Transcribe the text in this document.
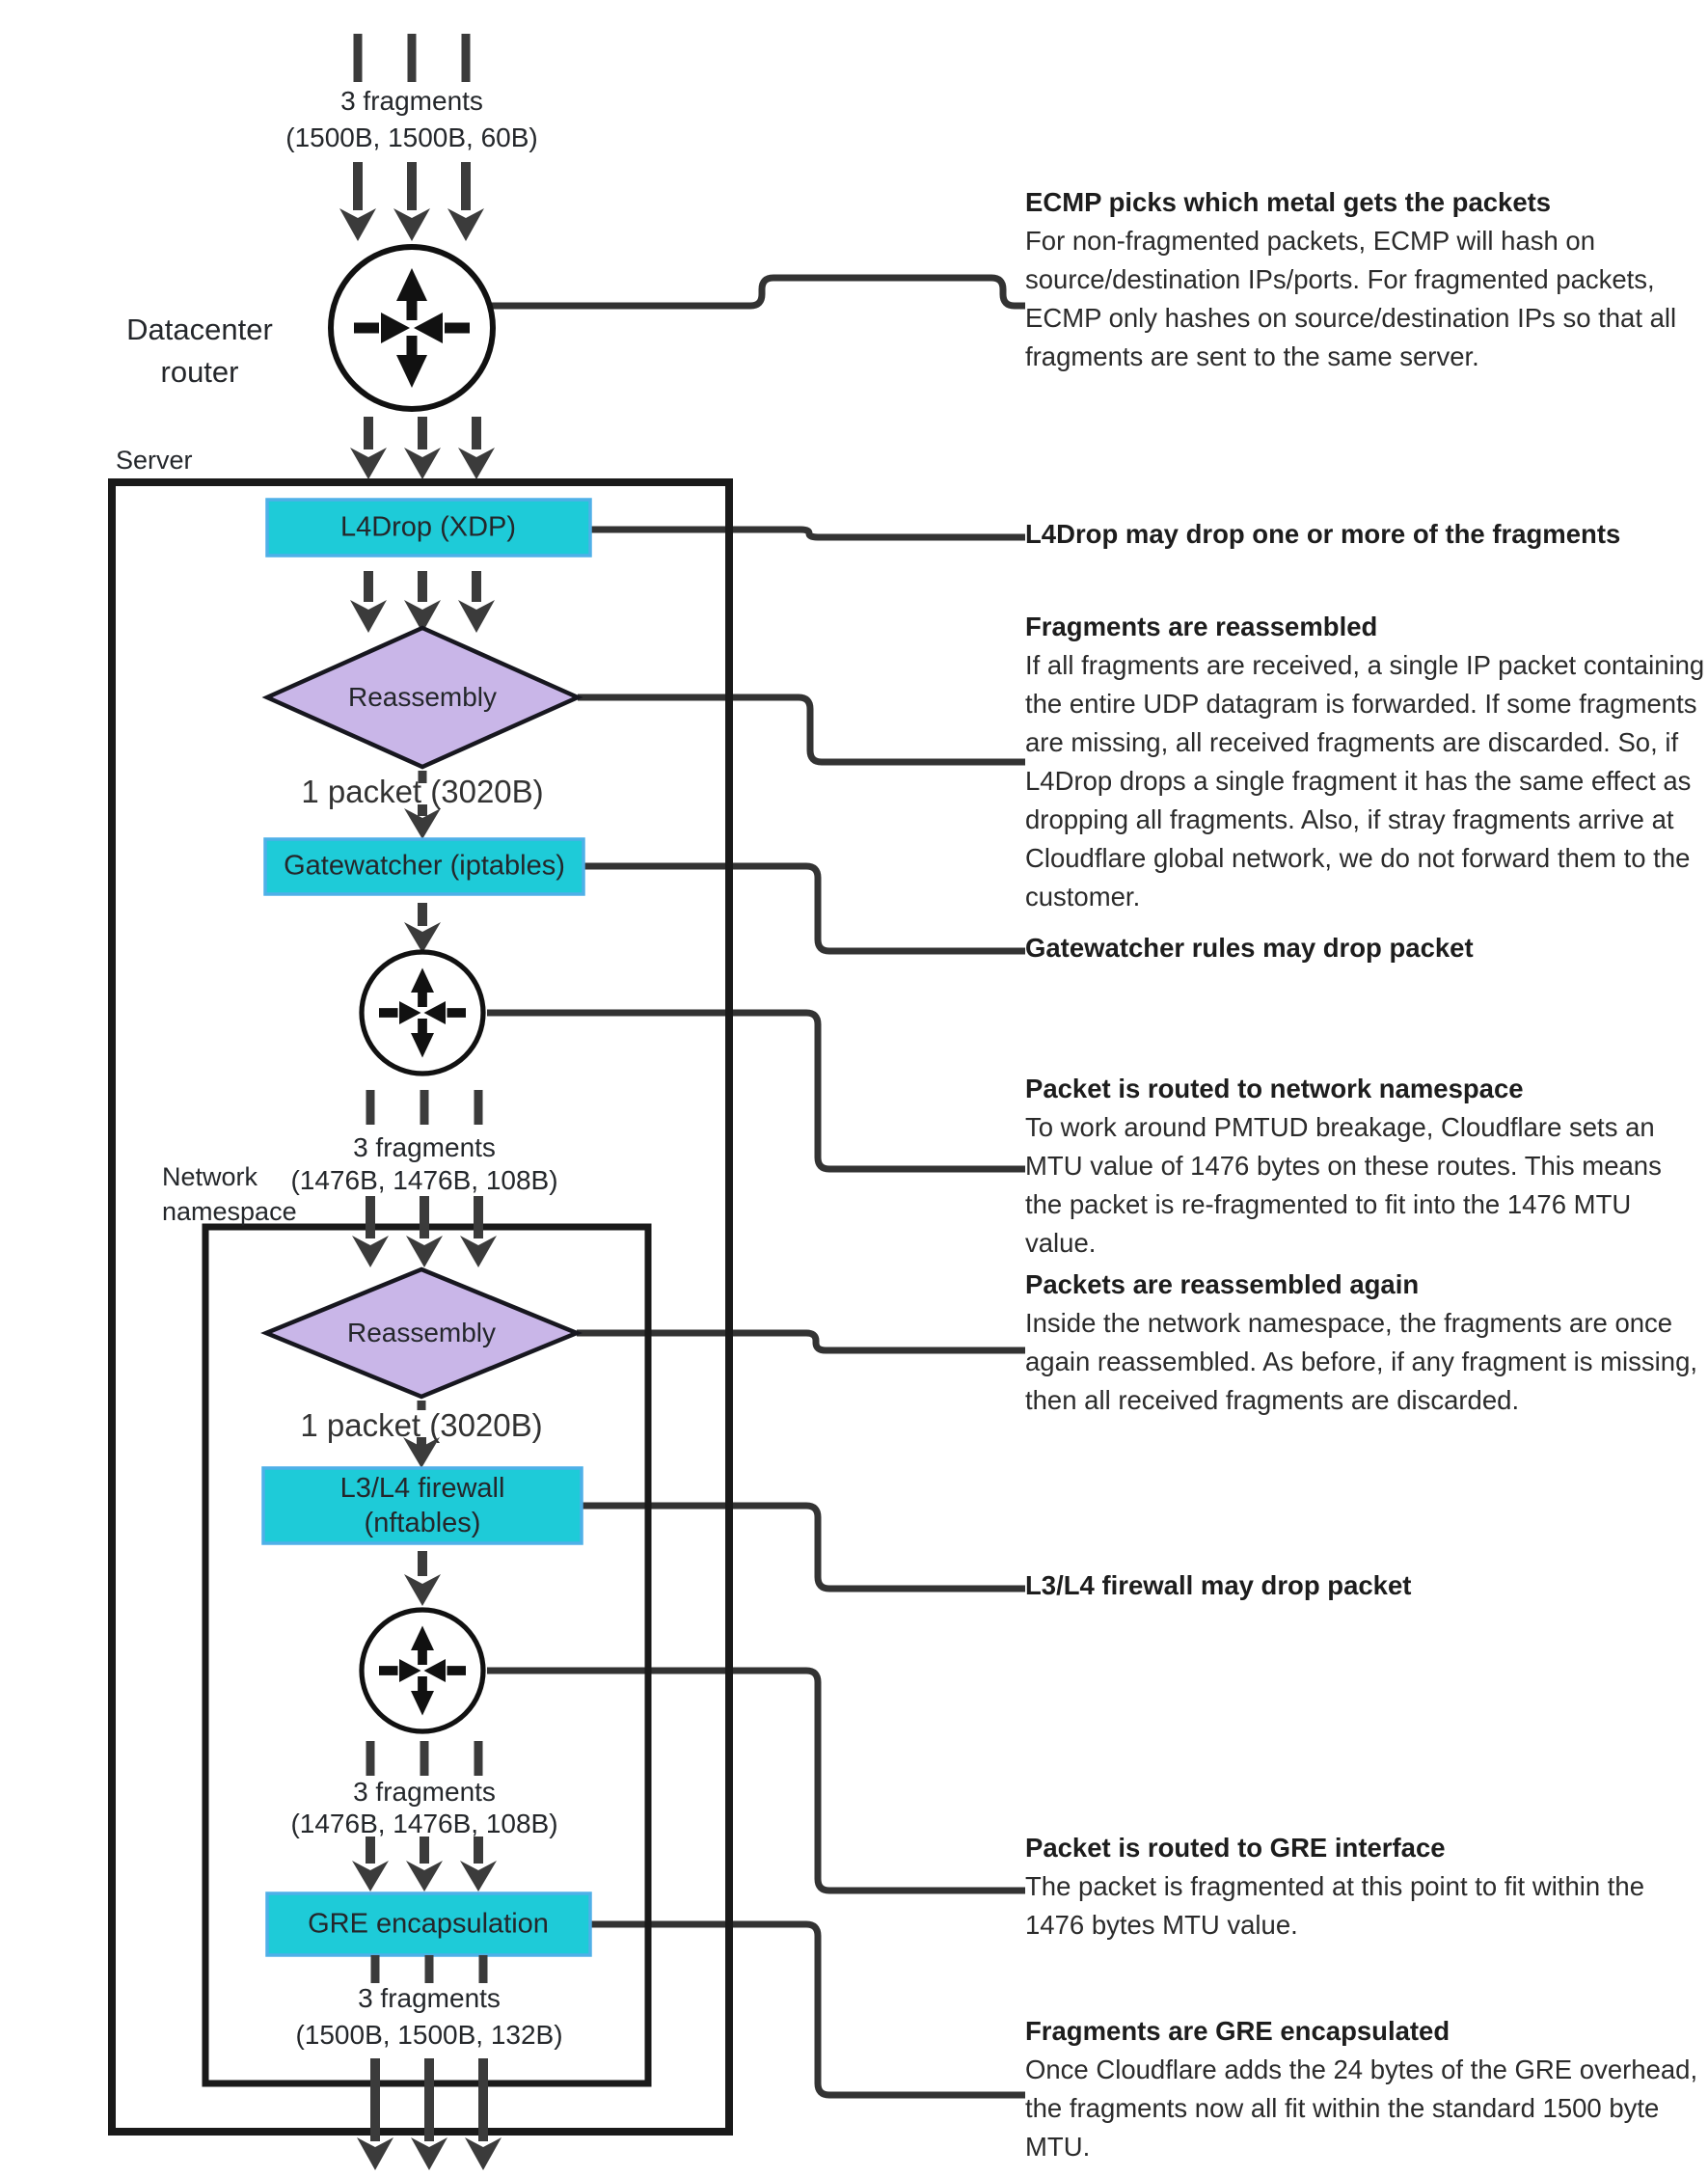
3 fragments
(1500B, 1500B, 60B)
Datacenter router
Server
L4Drop (XDP)
Reassembly
1 packet (3020B)
Gatewatcher (iptables)
3 fragments
(1476B, 1476B, 108B)
Network namespace
Reassembly
1 packet (3020B)
L3/L4 firewall (nftables)
3 fragments
(1476B, 1476B, 108B)
GRE encapsulation
3 fragments
(1500B, 1500B, 132B)
ECMP picks which metal gets the packets

For non-fragmented packets, ECMP will hash on source/destination IPs/ports. For fragmented packets, ECMP only hashes on source/destination IPs so that all fragments are sent to the same server.

L4Drop may drop one or more of the fragments
Fragments are reassembled

If all fragments are received, a single IP packet containing the entire UDP datagram is forwarded. If some fragments are missing, all received fragments are discarded. So, if L4Drop drops a single fragment it has the same effect as dropping all fragments. Also, if stray fragments arrive at Cloudflare global network, we do not forward them to the customer.

Gatewatcher rules may drop packet
Packet is routed to network namespace

To work around PMTUD breakage, Cloudflare sets an MTU value of 1476 bytes on these routes. This means the packet is re-fragmented to fit into the 1476 MTU value.

Packets are reassembled again

Inside the network namespace, the fragments are once again reassembled. As before, if any fragment is missing, then all received fragments are discarded.

L3/L4 firewall may drop packet
Packet is routed to GRE interface

The packet is fragmented at this point to fit within the 1476 bytes MTU value.

Fragments are GRE encapsulated

Once Cloudflare adds the 24 bytes of the GRE overhead, the fragments now all fit within the standard 1500 byte MTU.
